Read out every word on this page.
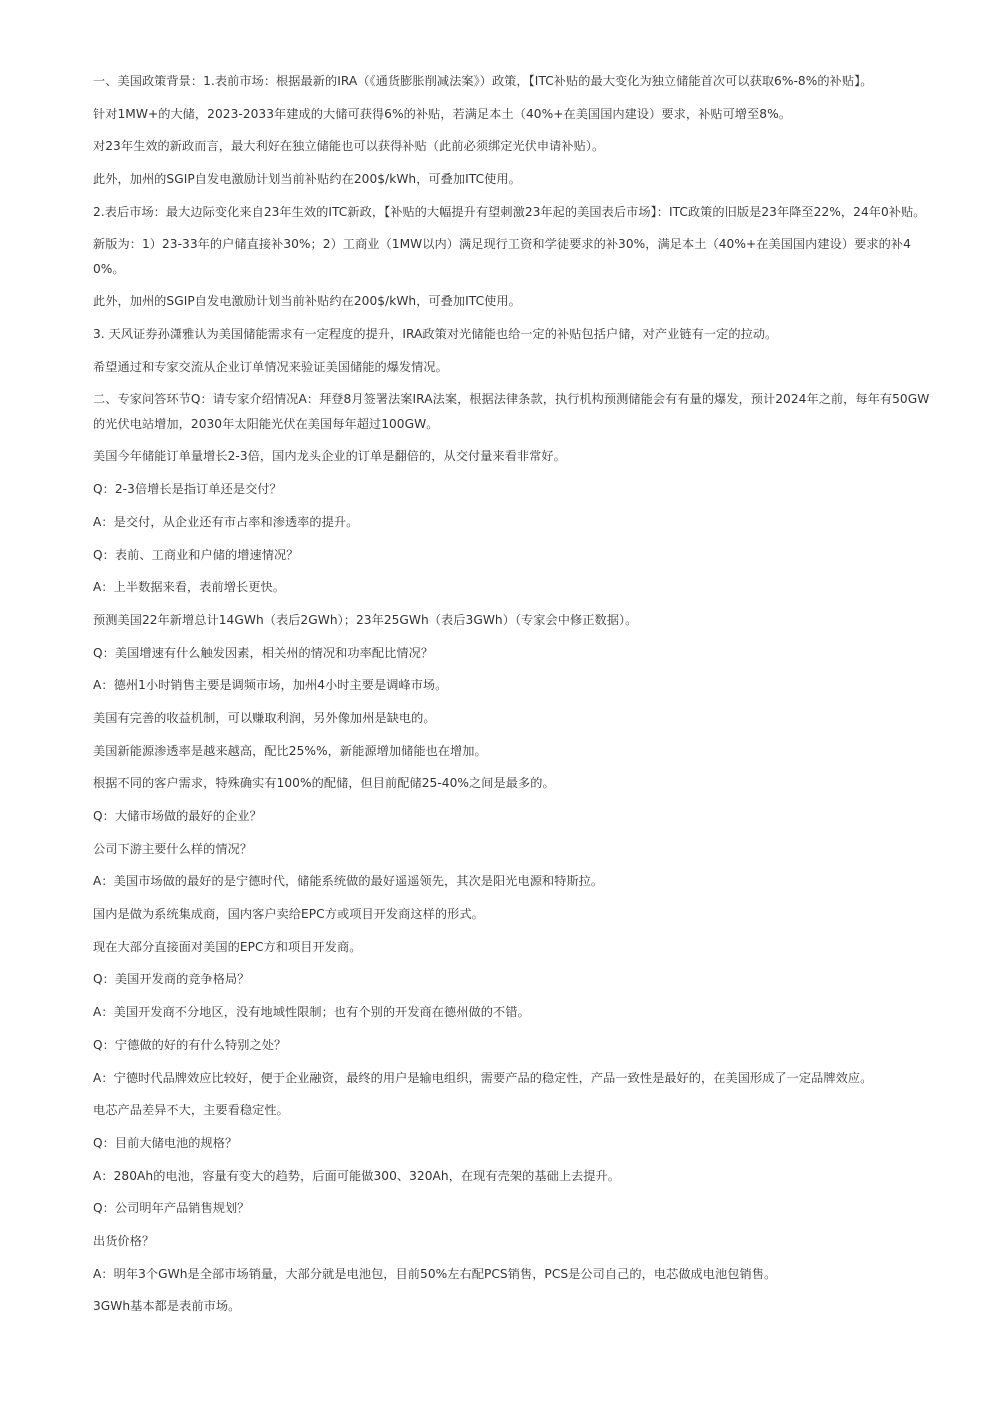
一、美国政策背景：1.表前市场：根据最新的IRA（《通货膨胀削减法案》）政策，【ITC补贴的最大变化为独立储能首次可以获取6%-8%的补贴】。

针对1MW+的大储，2023-2033年建成的大储可获得6%的补贴，若满足本土（40%+在美国国内建设）要求，补贴可增至8%。

对23年生效的新政而言，最大利好在独立储能也可以获得补贴（此前必须绑定光伏申请补贴）。

此外，加州的SGIP自发电激励计划当前补贴约在200$/kWh，可叠加ITC使用。

2.表后市场：最大边际变化来自23年生效的ITC新政，【补贴的大幅提升有望刺激23年起的美国表后市场】：ITC政策的旧版是23年降至22%，24年0补贴。

新版为：1）23-33年的户储直接补30%；2）工商业（1MW以内）满足现行工资和学徒要求的补30%，满足本土（40%+在美国国内建设）要求的补40%。

此外，加州的SGIP自发电激励计划当前补贴约在200$/kWh，可叠加ITC使用。

3. 天风证券孙潇雅认为美国储能需求有一定程度的提升，IRA政策对光储能也给一定的补贴包括户储，对产业链有一定的拉动。

希望通过和专家交流从企业订单情况来验证美国储能的爆发情况。

二、专家问答环节Q：请专家介绍情况A：拜登8月签署法案IRA法案，根据法律条款，执行机构预测储能会有有量的爆发，预计2024年之前，每年有50GW的光伏电站增加，2030年太阳能光伏在美国每年超过100GW。

美国今年储能订单量增长2-3倍，国内龙头企业的订单是翻倍的，从交付量来看非常好。

Q：2-3倍增长是指订单还是交付？

A：是交付，从企业还有市占率和渗透率的提升。

Q：表前、工商业和户储的增速情况？

A：上半数据来看，表前增长更快。

预测美国22年新增总计14GWh（表后2GWh）；23年25GWh（表后3GWh）（专家会中修正数据）。

Q：美国增速有什么触发因素，相关州的情况和功率配比情况？

A：德州1小时销售主要是调频市场，加州4小时主要是调峰市场。

美国有完善的收益机制，可以赚取利润，另外像加州是缺电的。

美国新能源渗透率是越来越高，配比25%%，新能源增加储能也在增加。

根据不同的客户需求，特殊确实有100%的配储，但目前配储25-40%之间是最多的。

Q：大储市场做的最好的企业？

公司下游主要什么样的情况？

A：美国市场做的最好的是宁德时代，储能系统做的最好遥遥领先，其次是阳光电源和特斯拉。

国内是做为系统集成商，国内客户卖给EPC方或项目开发商这样的形式。

现在大部分直接面对美国的EPC方和项目开发商。

Q：美国开发商的竞争格局？

A：美国开发商不分地区，没有地域性限制；也有个别的开发商在德州做的不错。

Q：宁德做的好的有什么特别之处？

A：宁德时代品牌效应比较好，便于企业融资，最终的用户是输电组织，需要产品的稳定性，产品一致性是最好的，在美国形成了一定品牌效应。

电芯产品差异不大，主要看稳定性。

Q：目前大储电池的规格？

A：280Ah的电池，容量有变大的趋势，后面可能做300、320Ah，在现有壳架的基础上去提升。

Q：公司明年产品销售规划？

出货价格？

A：明年3个GWh是全部市场销量，大部分就是电池包，目前50%左右配PCS销售，PCS是公司自己的，电芯做成电池包销售。

3GWh基本都是表前市场。
